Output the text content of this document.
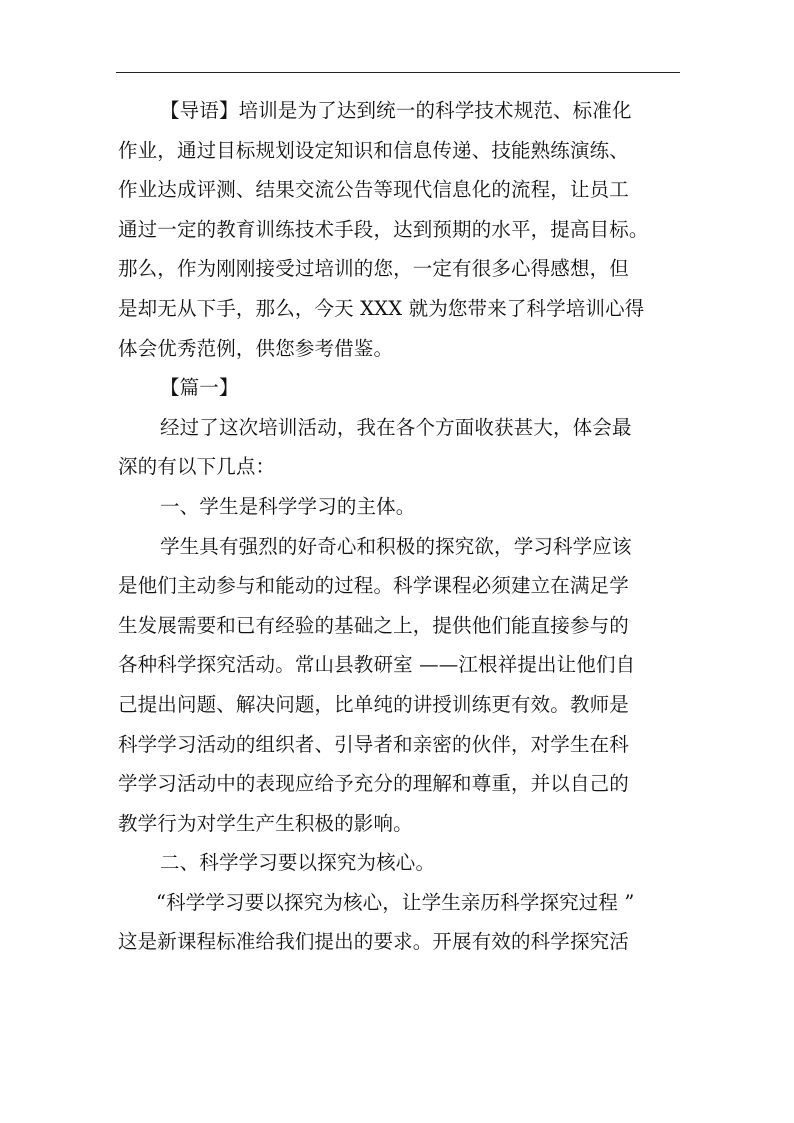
【导语】培训是为了达到统一的科学技术规范、标准化
作业，通过目标规划设定知识和信息传递、技能熟练演练、
作业达成评测、结果交流公告等现代信息化的流程，让员工
通过一定的教育训练技术手段，达到预期的水平，提高目标。
那么，作为刚刚接受过培训的您，一定有很多心得感想，但
是却无从下手，那么，今天 XXX 就为您带来了科学培训心得
体会优秀范例，供您参考借鉴。
【篇一】
经过了这次培训活动，我在各个方面收获甚大，体会最
深的有以下几点：
一、学生是科学学习的主体。
学生具有强烈的好奇心和积极的探究欲，学习科学应该
是他们主动参与和能动的过程。科学课程必须建立在满足学
生发展需要和已有经验的基础之上，提供他们能直接参与的
各种科学探究活动。常山县教研室 ——江根祥提出让他们自
己提出问题、解决问题，比单纯的讲授训练更有效。教师是
科学学习活动的组织者、引导者和亲密的伙伴，对学生在科
学学习活动中的表现应给予充分的理解和尊重，并以自己的
教学行为对学生产生积极的影响。
二、科学学习要以探究为核心。
“科学学习要以探究为核心，让学生亲历科学探究过程 ”
这是新课程标准给我们提出的要求。开展有效的科学探究活
